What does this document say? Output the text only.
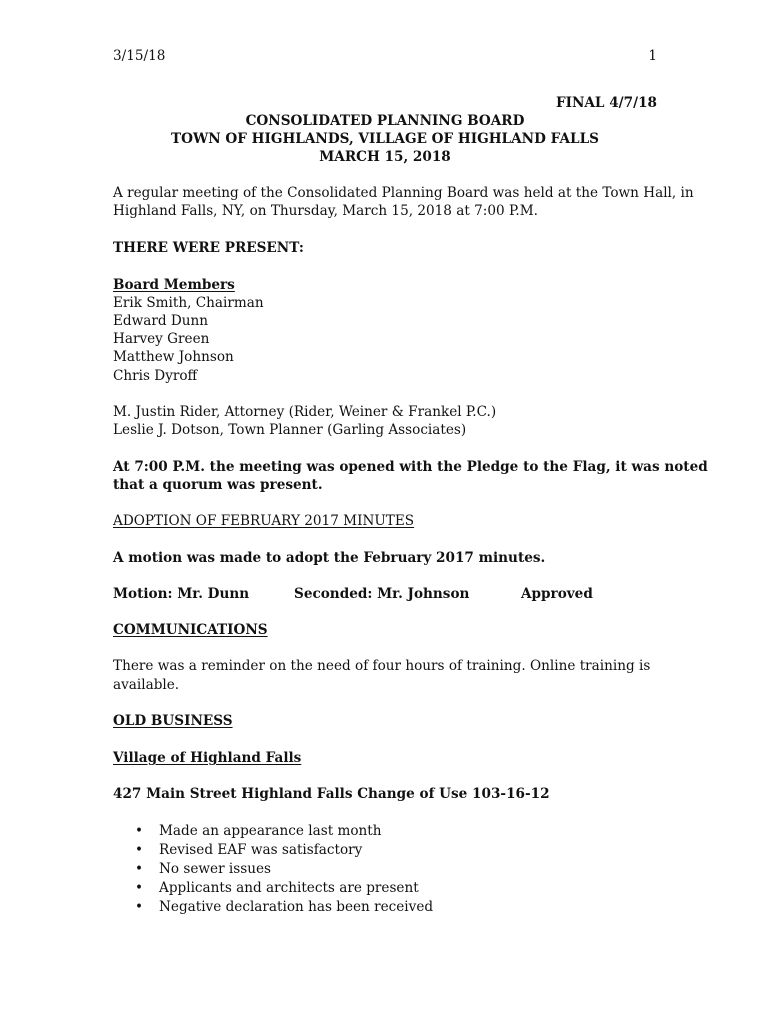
3/15/18	1
FINAL 4/7/18
CONSOLIDATED PLANNING BOARD
TOWN OF HIGHLANDS, VILLAGE OF HIGHLAND FALLS
MARCH 15, 2018
A regular meeting of the Consolidated Planning Board was held at the Town Hall, in
Highland Falls, NY, on Thursday, March 15, 2018 at 7:00 P.M.
THERE WERE PRESENT:
Board Members
Erik Smith, Chairman
Edward Dunn
Harvey Green
Matthew Johnson
Chris Dyroff
M. Justin Rider, Attorney (Rider, Weiner & Frankel P.C.)
Leslie J. Dotson, Town Planner (Garling Associates)
At 7:00 P.M. the meeting was opened with the Pledge to the Flag, it was noted
that a quorum was present.
ADOPTION OF FEBRUARY 2017 MINUTES
A motion was made to adopt the February 2017 minutes.
Motion: Mr. Dunn	Seconded: Mr. Johnson	Approved
COMMUNICATIONS
There was a reminder on the need of four hours of training. Online training is
available.
OLD BUSINESS
Village of Highland Falls
427 Main Street Highland Falls Change of Use 103-16-12
• Made an appearance last month
• Revised EAF was satisfactory
• No sewer issues
• Applicants and architects are present
• Negative declaration has been received
